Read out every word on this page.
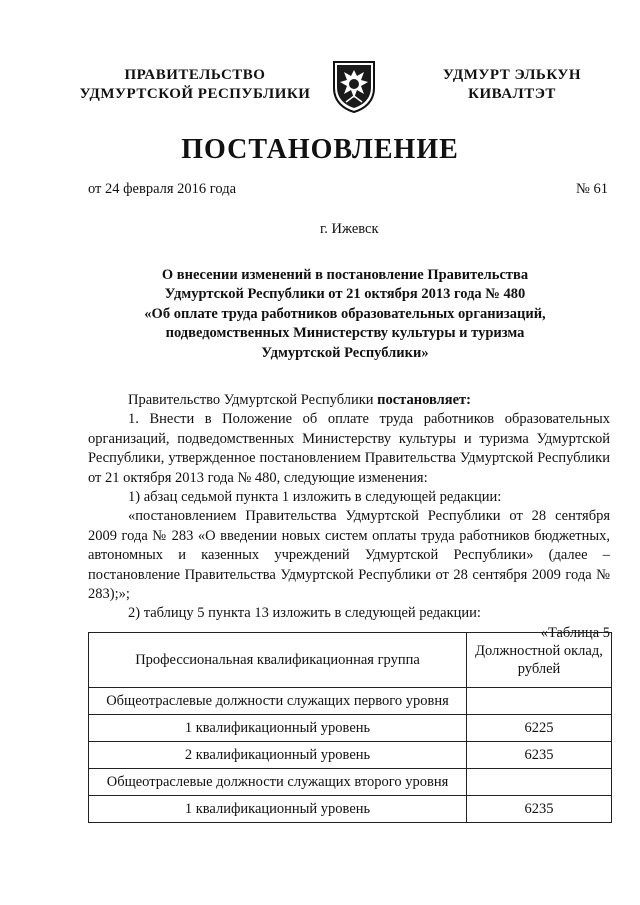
ПРАВИТЕЛЬСТВО
УДМУРТСКОЙ РЕСПУБЛИКИ
УДМУРТ ЭЛЬКУН
КИВАЛТЭТ
ПОСТАНОВЛЕНИЕ
от 24 февраля 2016 года	№ 61
г. Ижевск
О внесении изменений в постановление Правительства
Удмуртской Республики от 21 октября 2013 года № 480
«Об оплате труда работников образовательных организаций,
подведомственных Министерству культуры и туризма
Удмуртской Республики»

Правительство Удмуртской Республики постановляет:

1. Внести в Положение об оплате труда работников образовательных организаций, подведомственных Министерству культуры и туризма Удмуртской Республики, утвержденное постановлением Правительства Удмуртской Республики от 21 октября 2013 года № 480, следующие изменения:

1) абзац седьмой пункта 1 изложить в следующей редакции:

«постановлением Правительства Удмуртской Республики от 28 сентября 2009 года № 283 «О введении новых систем оплаты труда работников бюджетных, автономных и казенных учреждений Удмуртской Республики» (далее – постановление Правительства Удмуртской Республики от 28 сентября 2009 года № 283);»;

2) таблицу 5 пункта 13 изложить в следующей редакции:

«Таблица 5

Профессиональная квалификационная группа	Должностной оклад,
рублей

Общеотраслевые должности служащих первого уровня	
1 квалификационный уровень	6225
2 квалификационный уровень	6235
Общеотраслевые должности служащих второго уровня	
1 квалификационный уровень	6235
